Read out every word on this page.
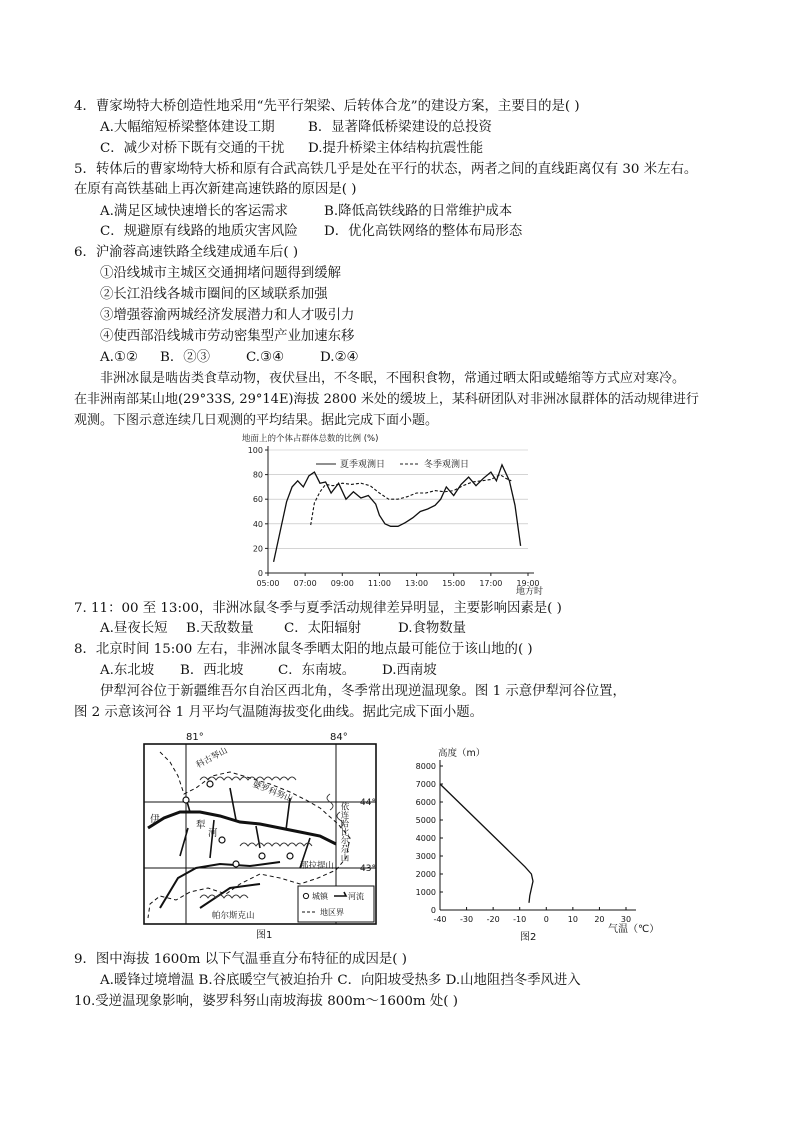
4．曹家坳特大桥创造性地采用“先平行架梁、后转体合龙”的建设方案，主要目的是( )
A.大幅缩短桥梁整体建设工期 B．显著降低桥梁建设的总投资
C．减少对桥下既有交通的干扰 D.提升桥梁主体结构抗震性能
5．转体后的曹家坳特大桥和原有合武高铁几乎是处在平行的状态，两者之间的直线距离仅有 30 米左右。
在原有高铁基础上再次新建高速铁路的原因是( )
A.满足区域快速增长的客运需求	B.降低高铁线路的日常维护成本
C．规避原有线路的地质灾害风险 D．优化高铁网络的整体布局形态
6．沪渝蓉高速铁路全线建成通车后( )
①沿线城市主城区交通拥堵问题得到缓解
②长江沿线各城市圈间的区域联系加强
③增强蓉渝两城经济发展潜力和人才吸引力
④使西部沿线城市劳动密集型产业加速东移
A.①② B．②③	C.③④	D.②④
非洲冰鼠是啮齿类食草动物，夜伏昼出，不冬眠，不囤积食物，常通过晒太阳或蜷缩等方式应对寒冷。
在非洲南部某山地(29°33S, 29°14E)海拔 2800 米处的缓坡上，某科研团队对非洲冰鼠群体的活动规律进行
观测。下图示意连续几日观测的平均结果。据此完成下面小题。
地面上的个体占群体总数的比例 (%)
0
20
40
60
80
100
05:00 07:00 09:00 11:00 13:00 15:00 17:00 19:00
夏季观测日	冬季观测日
地方时
7. 11：00 至 13:00，非洲冰鼠冬季与夏季活动规律差异明显，主要影响因素是( )
A.昼夜长短 B.天敌数量 C．太阳辐射	D.食物数量
8．北京时间 15:00 左右，非洲冰鼠冬季晒太阳的地点最可能位于该山地的( )
A.东北坡 B．西北坡	C．东南坡。 D.西南坡
伊犁河谷位于新疆维吾尔自治区西北角，冬季常出现逆温现象。图 1 示意伊犁河谷位置，
图 2 示意该河谷 1 月平均气温随海拔变化曲线。据此完成下面小题。
81°	84°
44°
43°
科古琴山
婆罗科努山
伊
犁
河	依连哈比尔尕山
那拉提山
帕尔斯克山
城镇	河流
地区界
图1
高度（m）
0
1000
2000
3000
4000
5000
6000
7000
8000
-40 -30 -20 -10 0 10 20 30
气温（℃）
图2
9．图中海拔 1600m 以下气温垂直分布特征的成因是( )
A.暖锋过境增温 B.谷底暖空气被迫抬升 C．向阳坡受热多 D.山地阻挡冬季风进入
10.受逆温现象影响，婆罗科努山南坡海拔 800m～1600m 处( )
